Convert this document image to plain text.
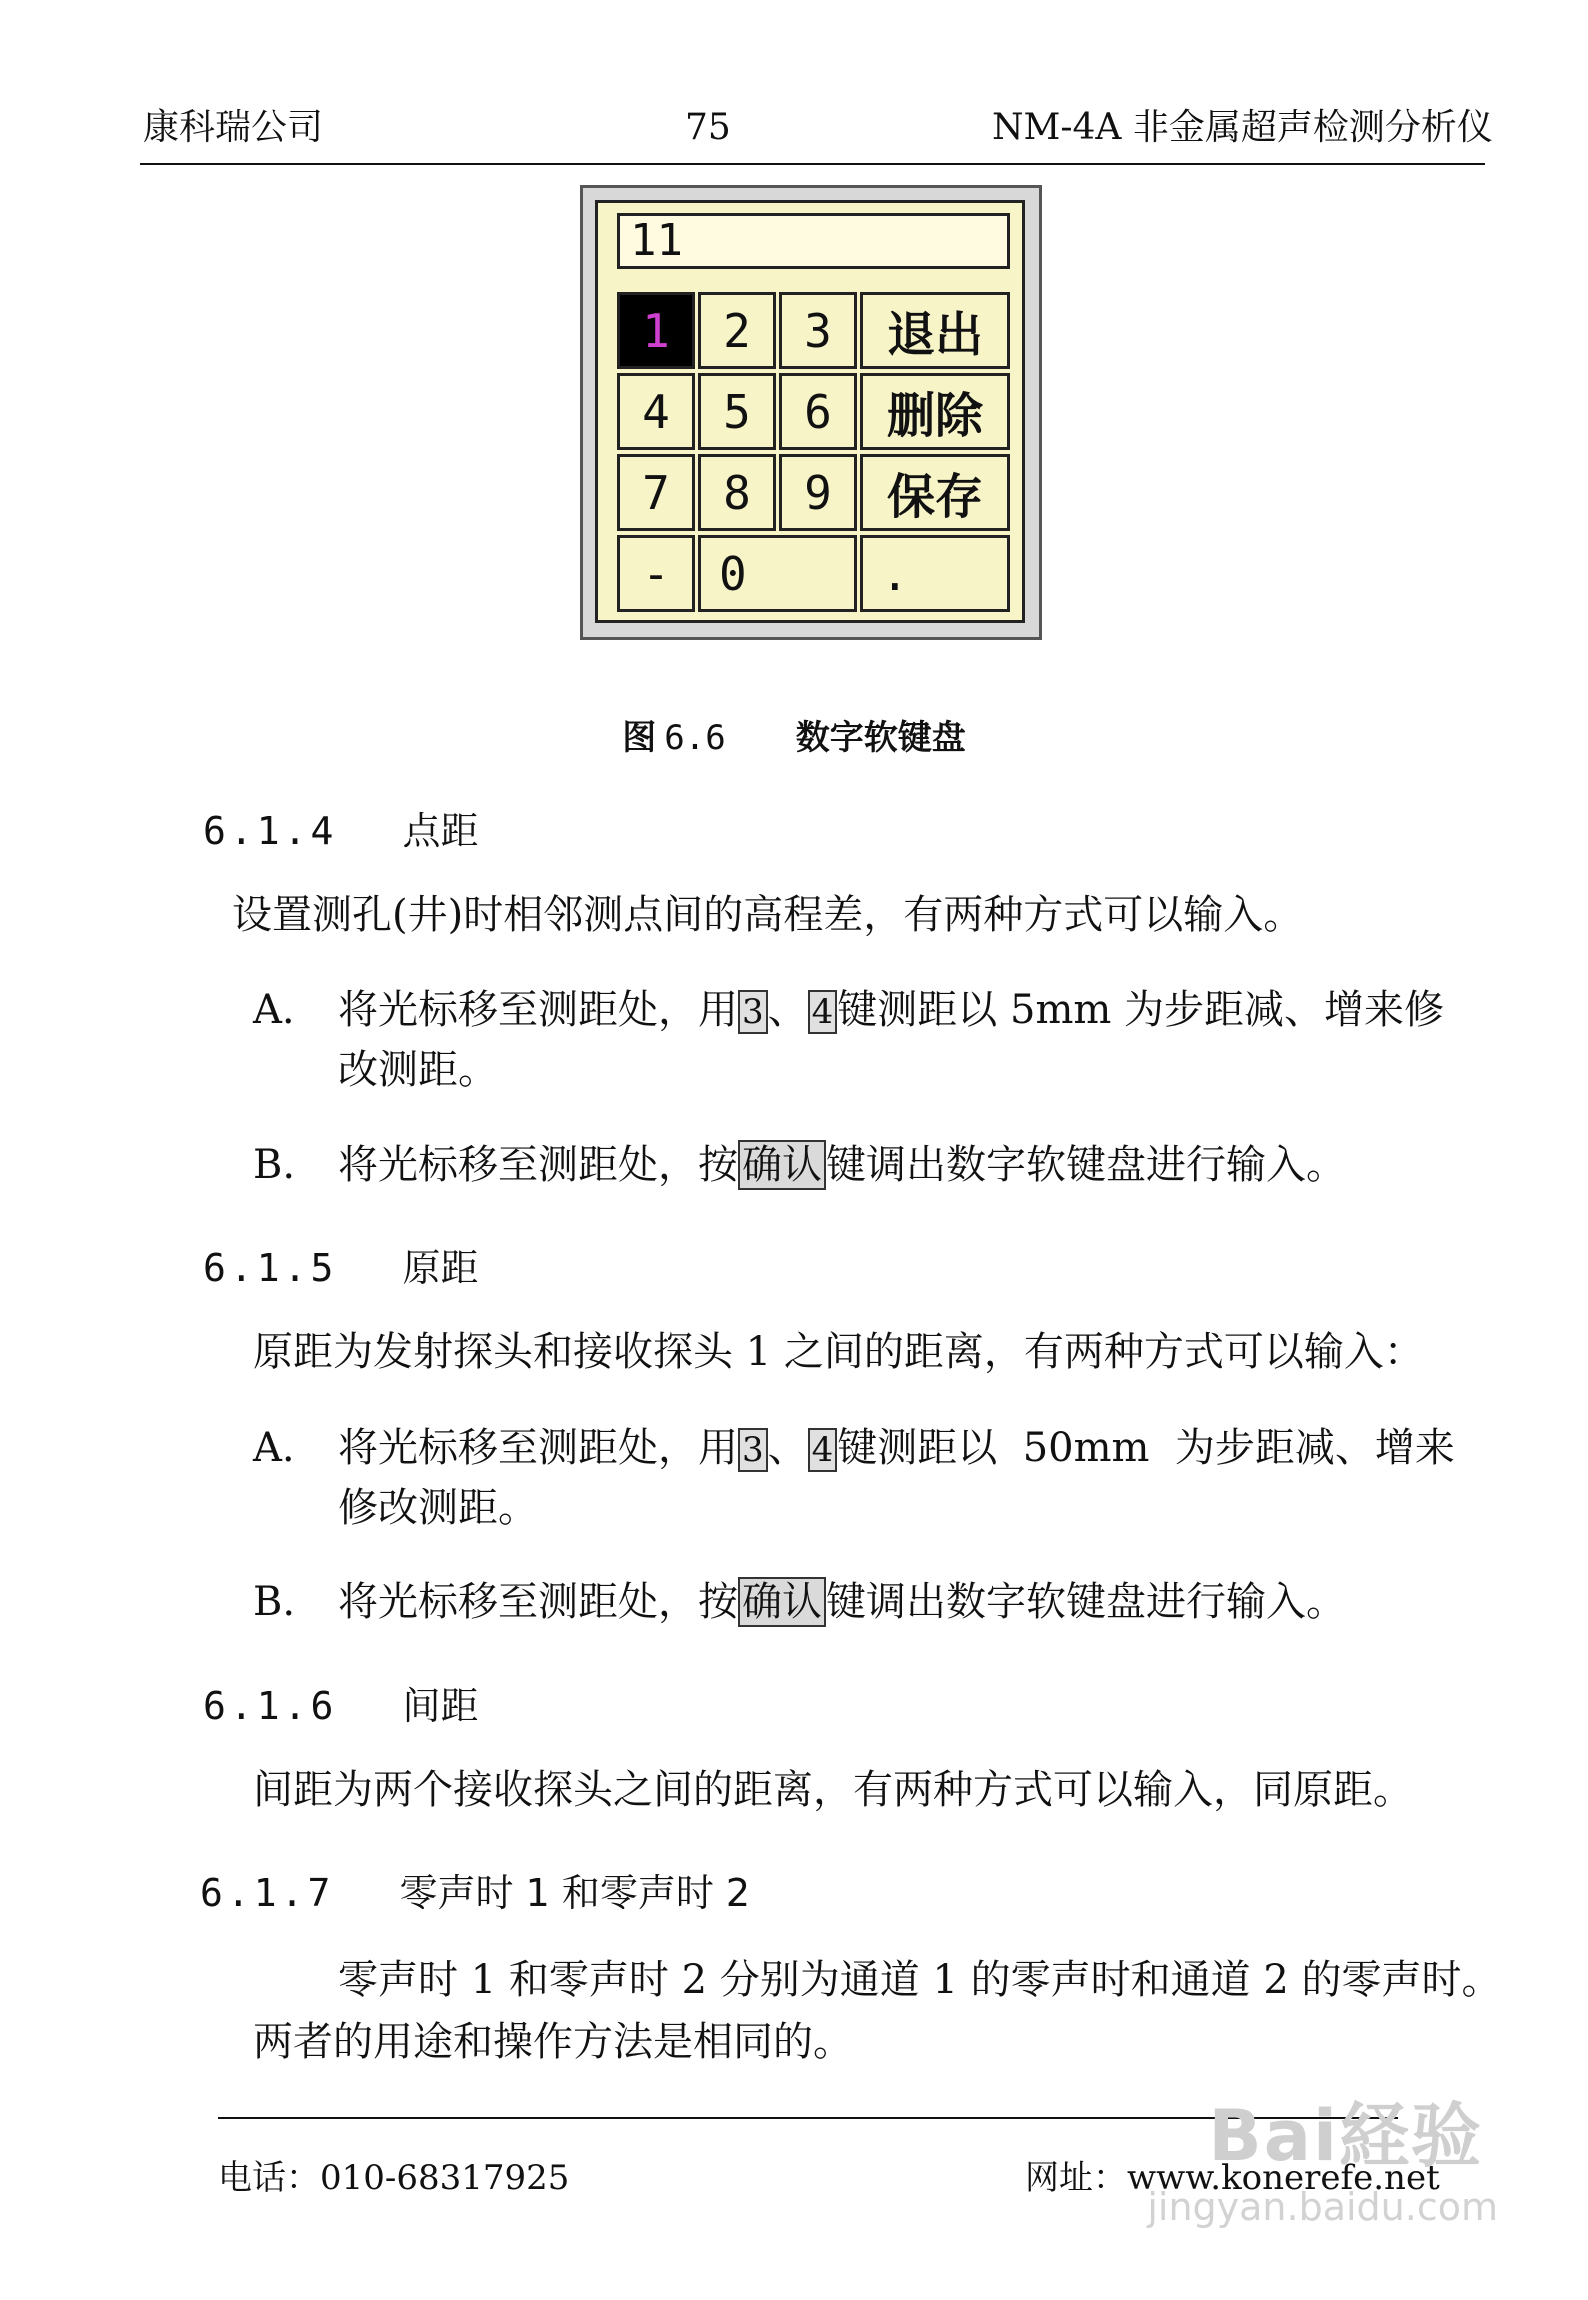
康科瑞公司	75	NM-4A 非金属超声检测分析仪
11
1	2	3	退出
4	5	6	删除
7	8	9	保存
-	0	.
图 6.6 数字软键盘
6.1.4 点距
设置测孔(井)时相邻测点间的高程差，有两种方式可以输入。
A. 将光标移至测距处，用 3 、 4 键测距以 5mm 为步距减、增来修
改测距。
B. 将光标移至测距处，按 确认 键调出数字软键盘进行输入。
6.1.5 原距
原距为发射探头和接收探头 1 之间的距离，有两种方式可以输入：
A. 将光标移至测距处，用 3 、 4 键测距以  50mm  为步距减、增来
修改测距。
B. 将光标移至测距处，按 确认 键调出数字软键盘进行输入。
6.1.6 间距
间距为两个接收探头之间的距离，有两种方式可以输入，同原距。
6.1.7 零声时 1 和零声时 2
零声时 1 和零声时 2 分别为通道 1 的零声时和通道 2 的零声时。
两者的用途和操作方法是相同的。
电话：010-68317925	网址：www.konerefe.net
Bai経验
jingyan.baidu.com
